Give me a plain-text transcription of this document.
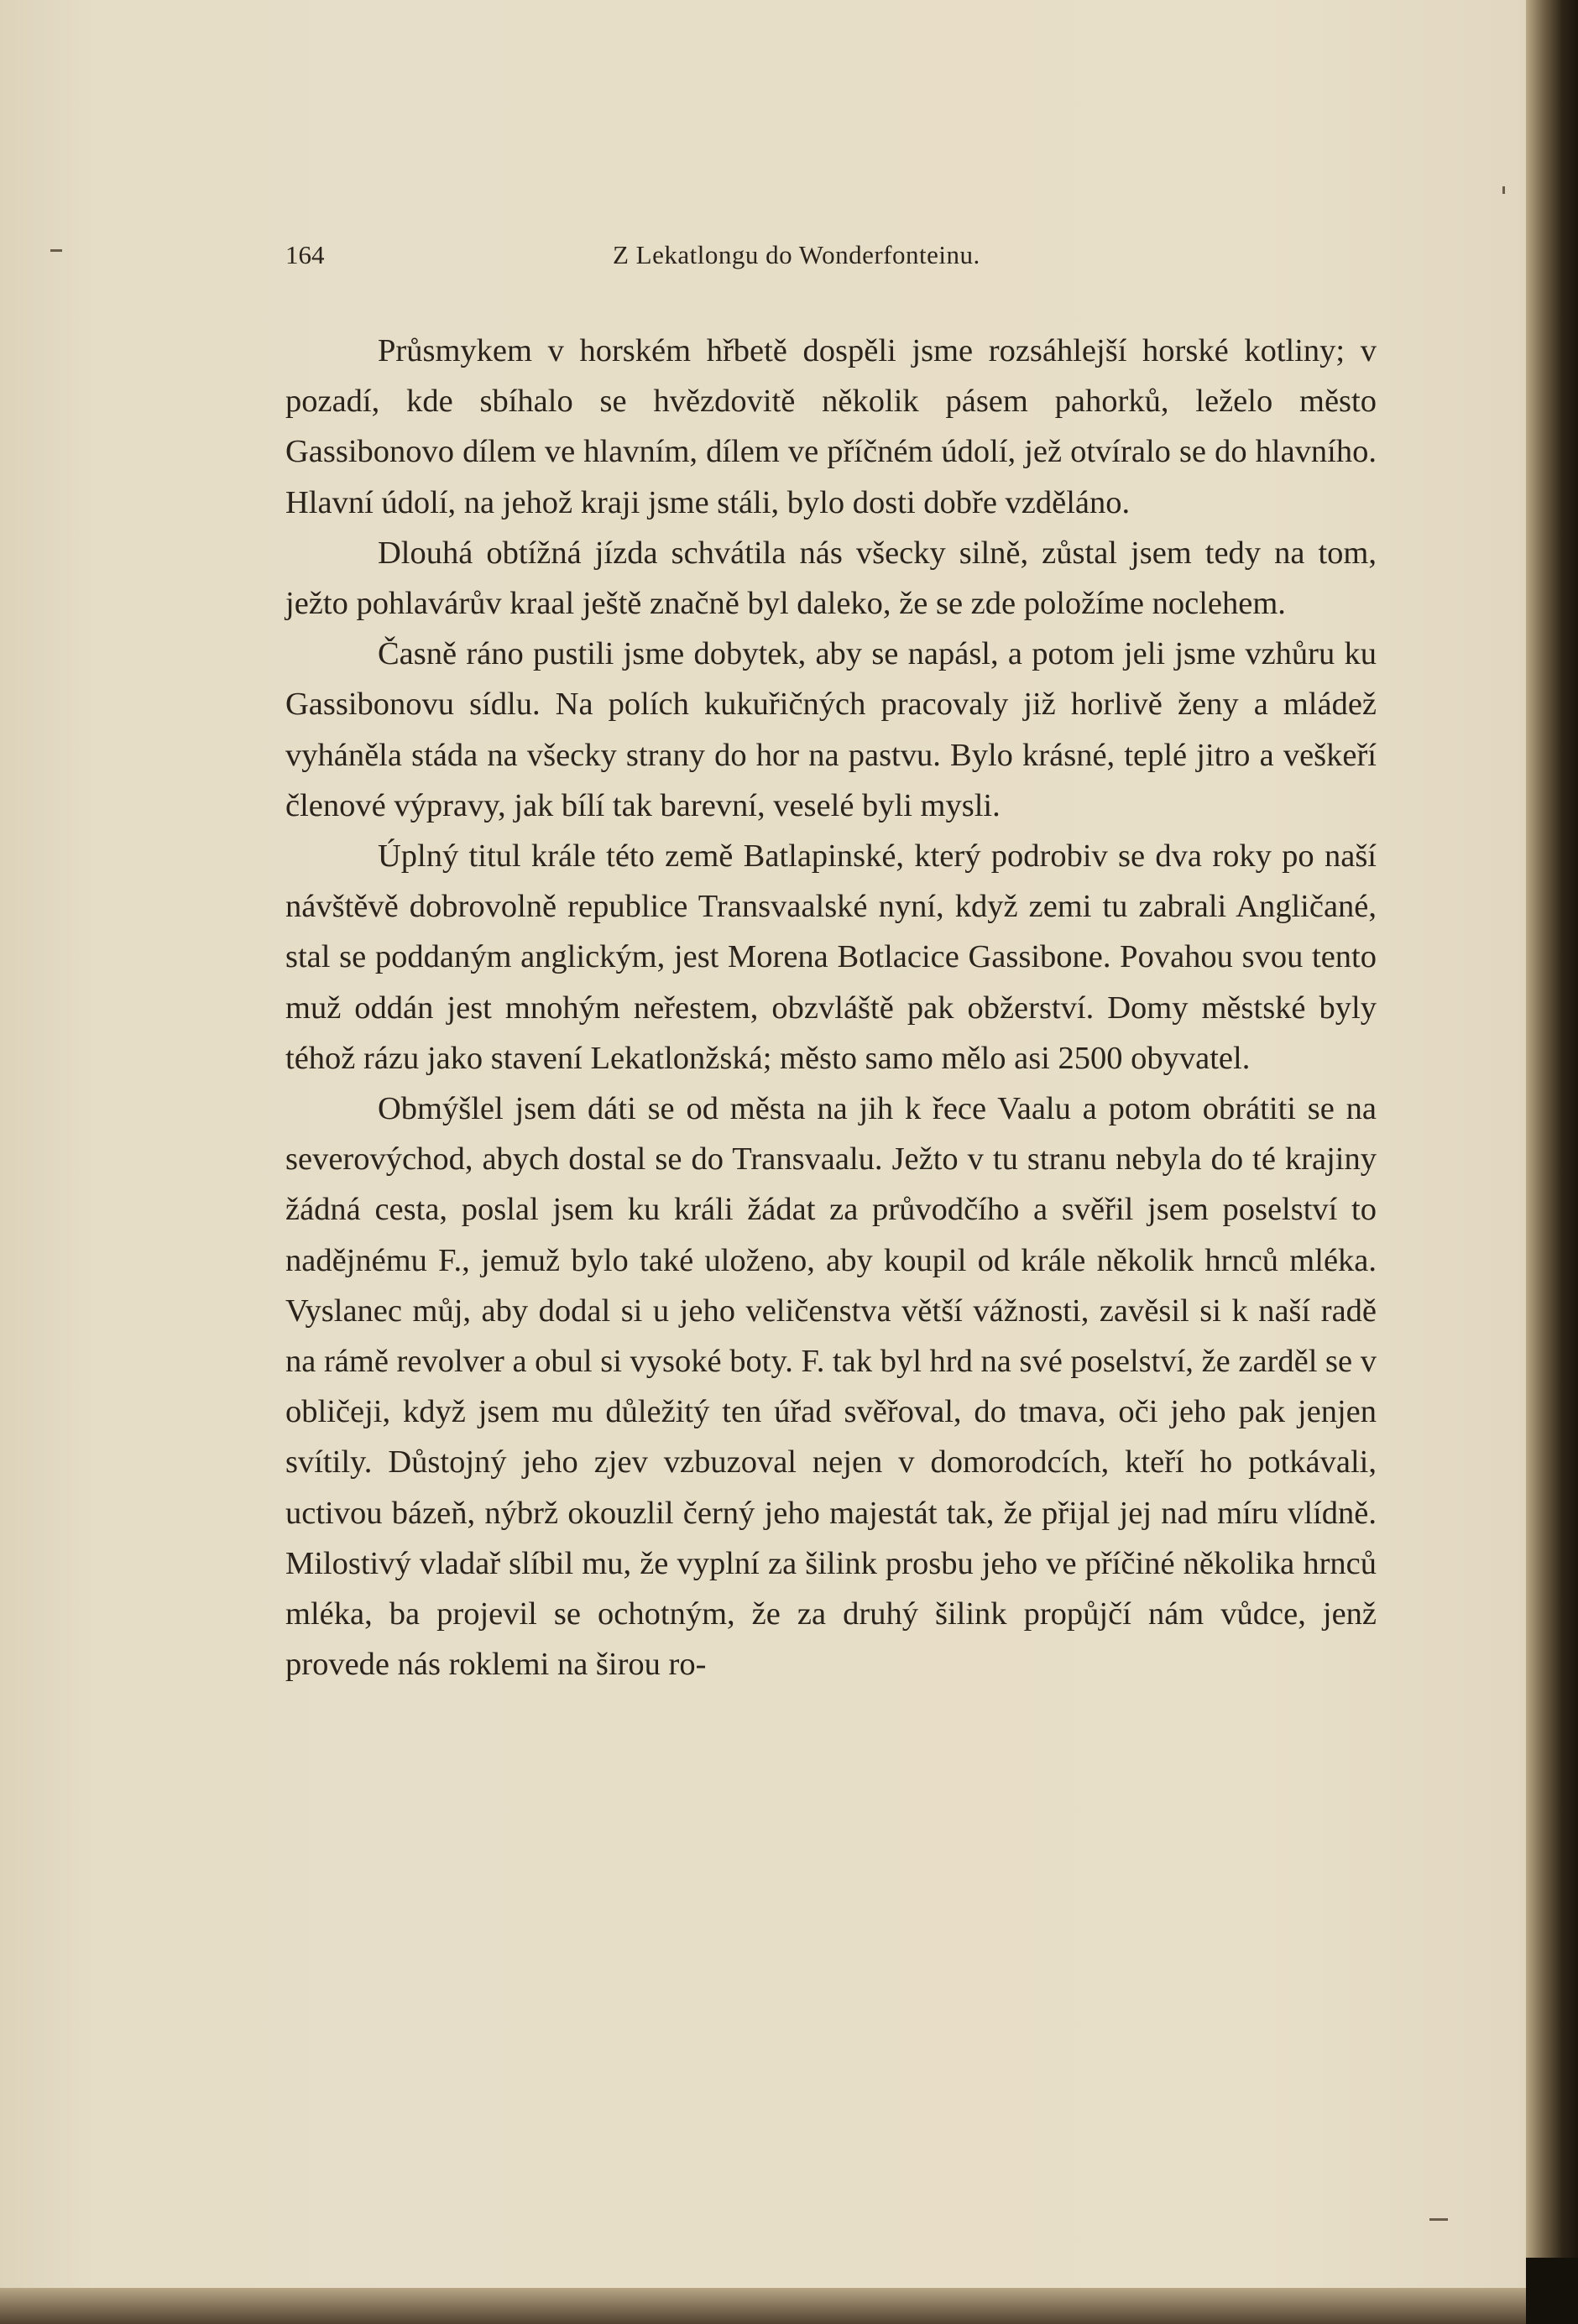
164	Z Lekatlongu do Wonderfonteinu.

Průsmykem v horském hřbetě dospěli jsme rozsáhlejší horské kotliny; v pozadí, kde sbíhalo se hvězdovitě několik pásem pahorků, leželo město Gassibonovo dílem ve hlavním, dílem ve příčném údolí, jež otvíralo se do hlavního. Hlavní údolí, na jehož kraji jsme stáli, bylo dosti dobře vzděláno.

Dlouhá obtížná jízda schvátila nás všecky silně, zůstal jsem tedy na tom, ježto pohlavárův kraal ještě značně byl daleko, že se zde položíme noclehem.

Časně ráno pustili jsme dobytek, aby se napásl, a potom jeli jsme vzhůru ku Gassibonovu sídlu. Na polích kukuřičných pracovaly již horlivě ženy a mládež vyháněla stáda na všecky strany do hor na pastvu. Bylo krásné, teplé jitro a veškeří členové výpravy, jak bílí tak barevní, veselé byli mysli.

Úplný titul krále této země Batlapinské, který podrobiv se dva roky po naší návštěvě dobrovolně republice Transvaalské nyní, když zemi tu zabrali Angličané, stal se poddaným anglickým, jest Morena Botlacice Gassibone. Povahou svou tento muž oddán jest mnohým neřestem, obzvláště pak obžerství. Domy městské byly téhož rázu jako stavení Lekatlonžská; město samo mělo asi 2500 obyvatel.

Obmýšlel jsem dáti se od města na jih k řece Vaalu a potom obrátiti se na severovýchod, abych dostal se do Transvaalu. Ježto v tu stranu nebyla do té krajiny žádná cesta, poslal jsem ku králi žádat za průvodčího a svěřil jsem poselství to nadějnému F., jemuž bylo také uloženo, aby koupil od krále několik hrnců mléka. Vyslanec můj, aby dodal si u jeho veličenstva větší vážnosti, zavěsil si k naší radě na rámě revolver a obul si vysoké boty. F. tak byl hrd na své poselství, že zarděl se v obličeji, když jsem mu důležitý ten úřad svěřoval, do tmava, oči jeho pak jenjen svítily. Důstojný jeho zjev vzbuzoval nejen v domorodcích, kteří ho potkávali, uctivou bázeň, nýbrž okouzlil černý jeho majestát tak, že přijal jej nad míru vlídně. Milostivý vladař slíbil mu, že vyplní za šilink prosbu jeho ve příčiné několika hrnců mléka, ba projevil se ochotným, že za druhý šilink propůjčí nám vůdce, jenž provede nás roklemi na širou ro-
